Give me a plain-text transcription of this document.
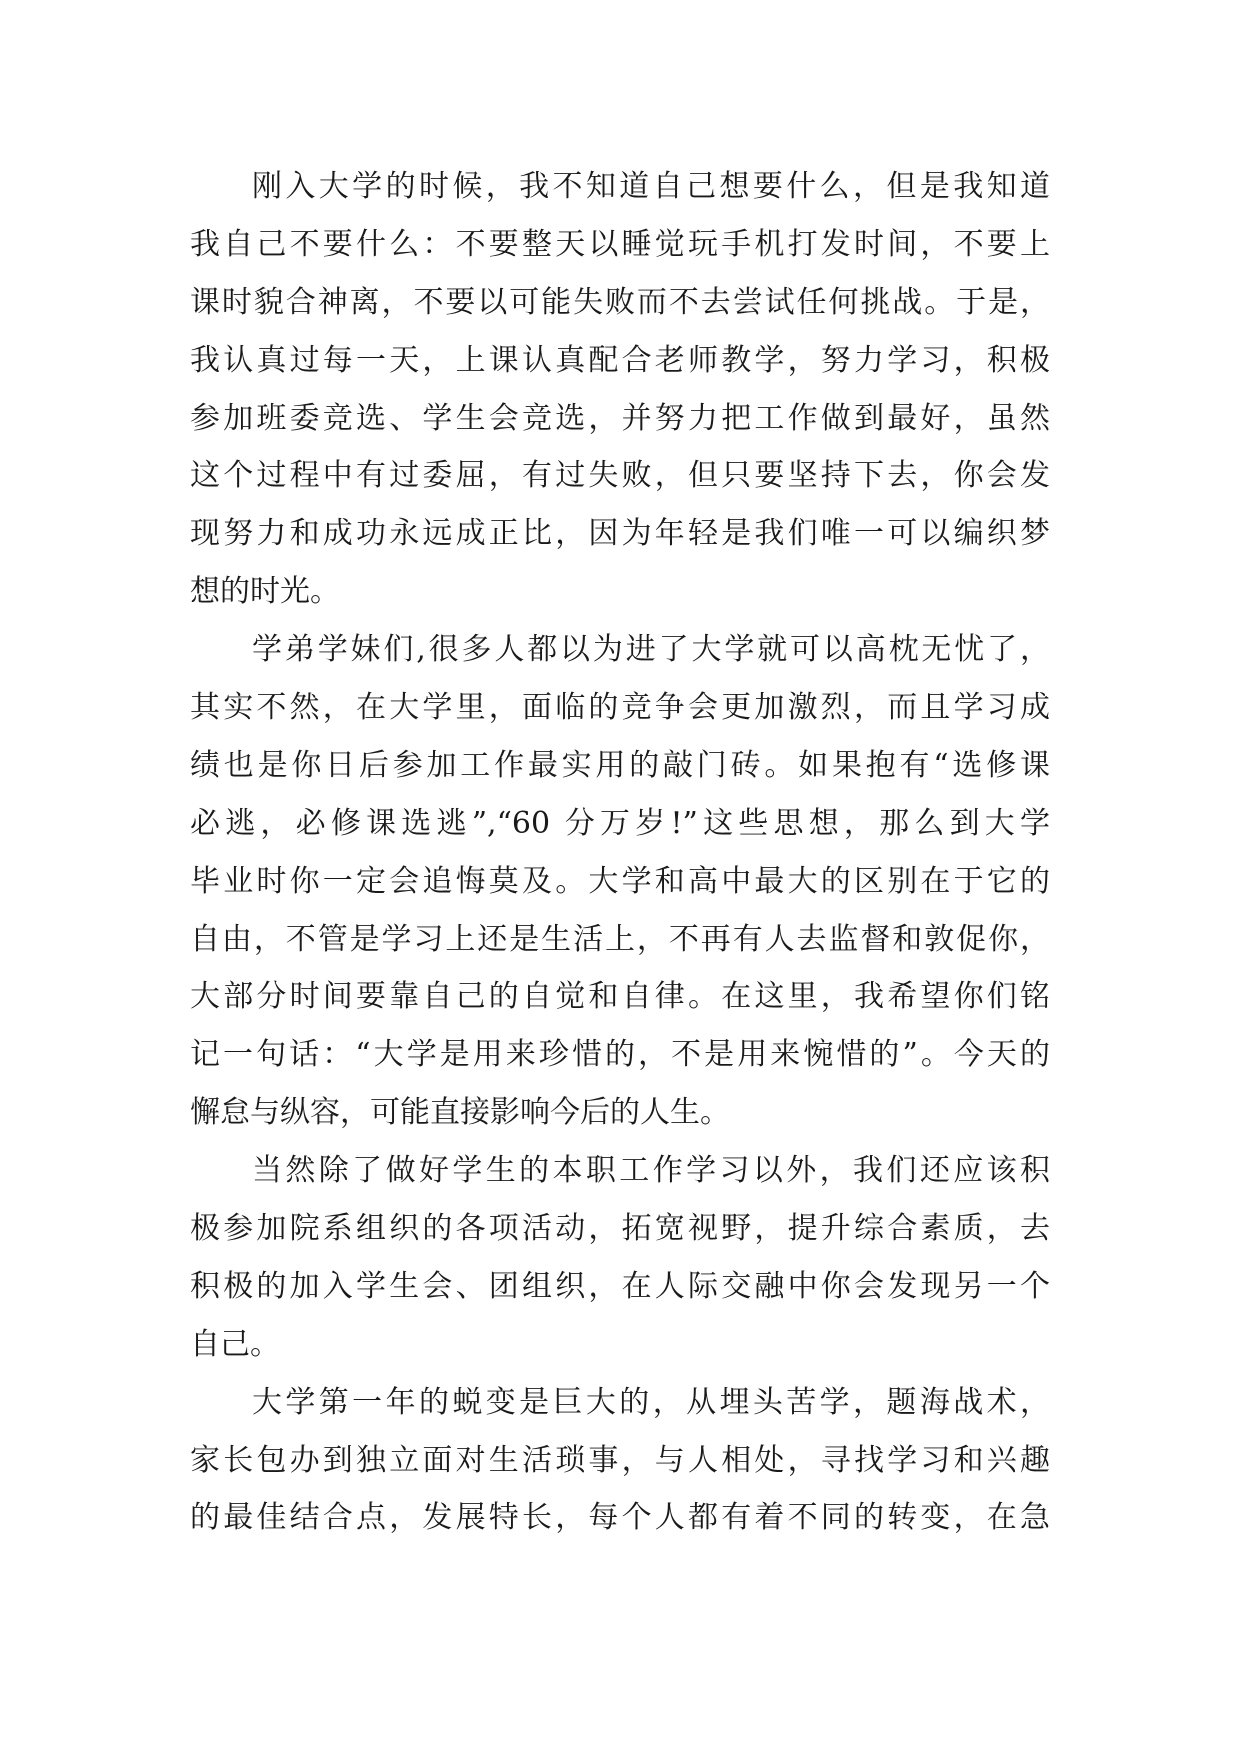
刚入大学的时候，我不知道自己想要什么，但是我知道
我自己不要什么：不要整天以睡觉玩手机打发时间，不要上
课时貌合神离，不要以可能失败而不去尝试任何挑战。于是，
我认真过每一天，上课认真配合老师教学，努力学习，积极
参加班委竞选、学生会竞选，并努力把工作做到最好，虽然
这个过程中有过委屈，有过失败，但只要坚持下去，你会发
现努力和成功永远成正比，因为年轻是我们唯一可以编织梦
想的时光。
学弟学妹们,很多人都以为进了大学就可以高枕无忧了，
其实不然，在大学里，面临的竞争会更加激烈，而且学习成
绩也是你日后参加工作最实用的敲门砖。如果抱有“选修课
必逃，必修课选逃”,“60 分万岁!”这些思想，那么到大学
毕业时你一定会追悔莫及。大学和高中最大的区别在于它的
自由，不管是学习上还是生活上，不再有人去监督和敦促你，
大部分时间要靠自己的自觉和自律。在这里，我希望你们铭
记一句话：“大学是用来珍惜的，不是用来惋惜的”。今天的
懈怠与纵容，可能直接影响今后的人生。
当然除了做好学生的本职工作学习以外，我们还应该积
极参加院系组织的各项活动，拓宽视野，提升综合素质，去
积极的加入学生会、团组织，在人际交融中你会发现另一个
自己。
大学第一年的蜕变是巨大的，从埋头苦学，题海战术，
家长包办到独立面对生活琐事，与人相处，寻找学习和兴趣
的最佳结合点，发展特长，每个人都有着不同的转变，在急
